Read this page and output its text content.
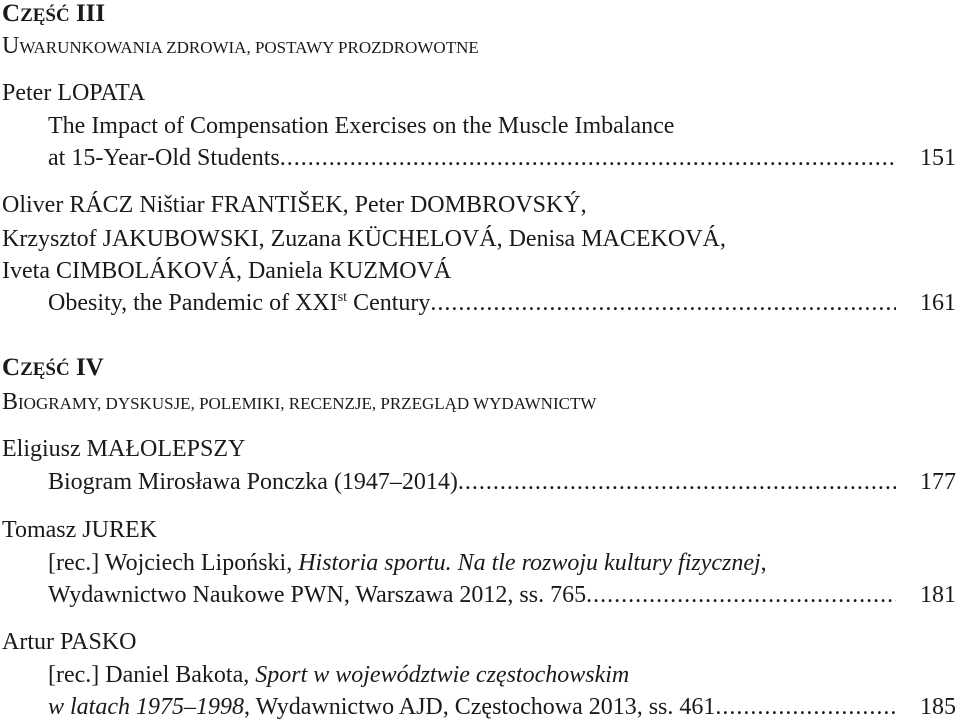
CZĘŚĆ III
UWARUNKOWANIA ZDROWIA, POSTAWY PROZDROWOTNE
Peter LOPATA
The Impact of Compensation Exercises on the Muscle Imbalance
at 15-Year-Old Students .....	151
Oliver RÁCZ Ništiar FRANTIŠEK, Peter DOMBROVSKÝ,
Krzysztof JAKUBOWSKI, Zuzana KÜCHELOVÁ, Denisa MACEKOVÁ,
Iveta CIMBOLÁKOVÁ, Daniela KUZMOVÁ
Obesity, the Pandemic of XXIst Century .....	161
CZĘŚĆ IV
BIOGRAMY, DYSKUSJE, POLEMIKI, RECENZJE, PRZEGLĄD WYDAWNICTW
Eligiusz MAŁOLEPSZY
Biogram Mirosława Ponczka (1947–2014) .....	177
Tomasz JUREK
[rec.] Wojciech Lipoński, Historia sportu. Na tle rozwoju kultury fizycznej,
Wydawnictwo Naukowe PWN, Warszawa 2012, ss. 765 .....	181
Artur PASKO
[rec.] Daniel Bakota, Sport w województwie częstochowskim
w latach 1975–1998, Wydawnictwo AJD, Częstochowa 2013, ss. 461 .....	185
